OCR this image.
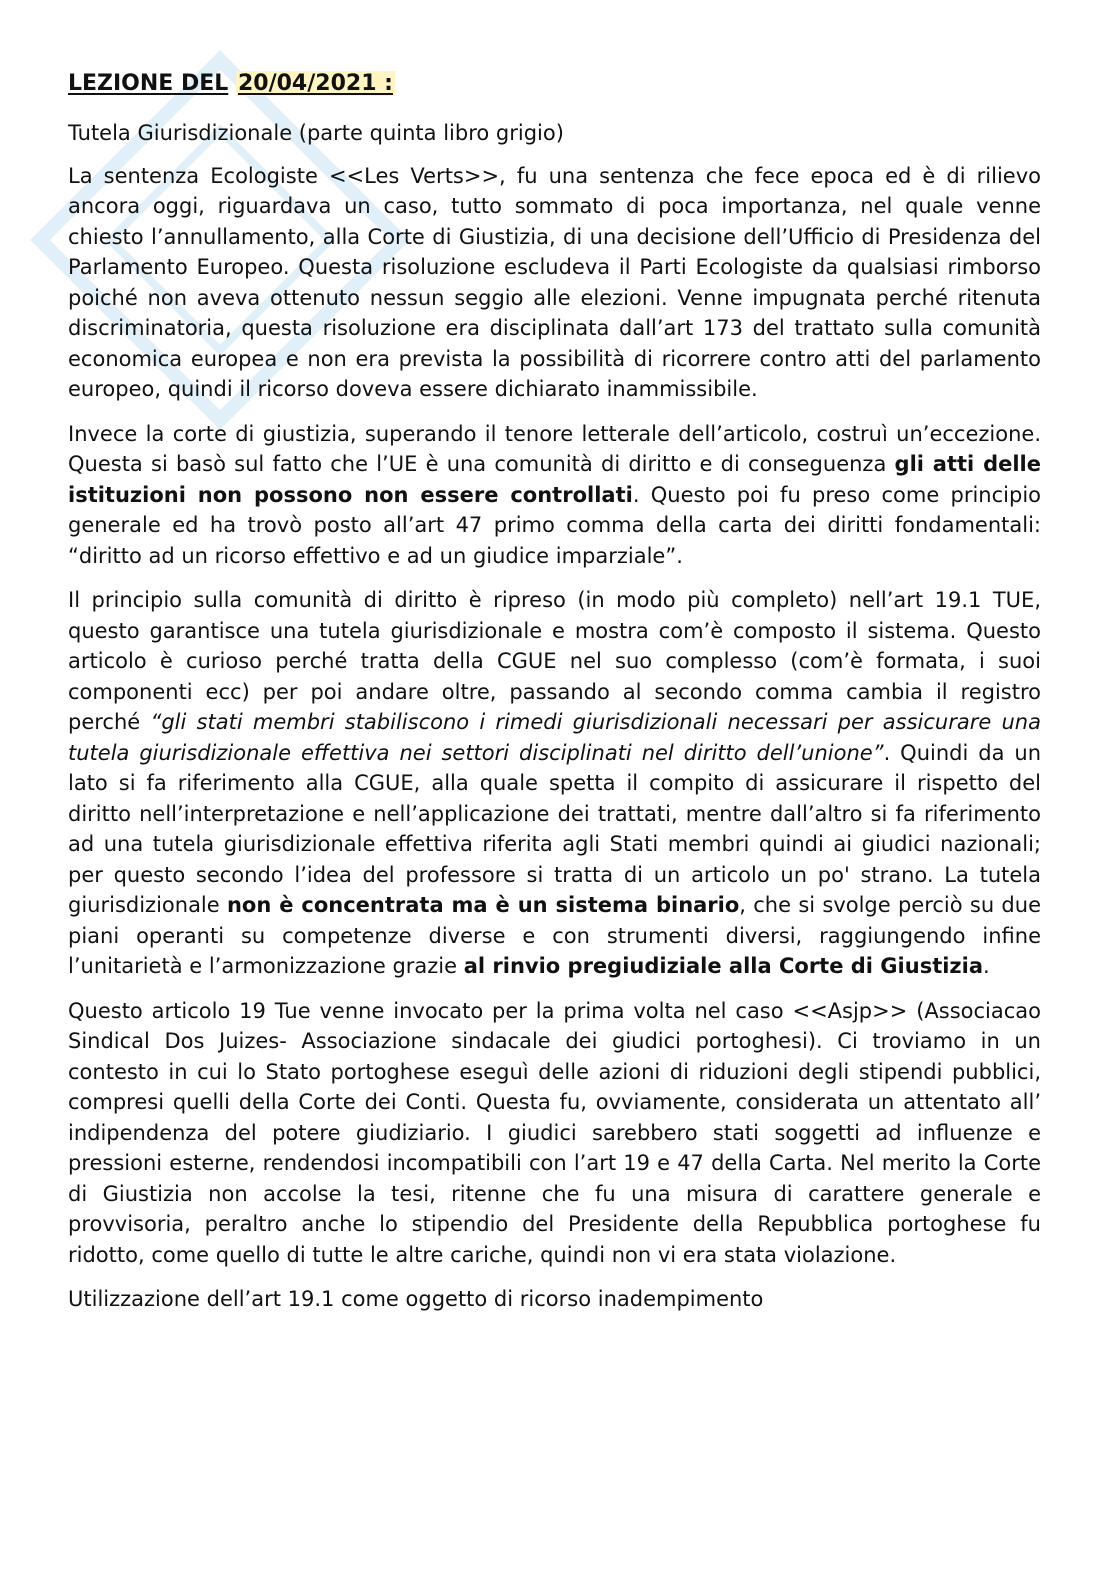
LEZIONE DEL 20/04/2021 :

Tutela Giurisdizionale (parte quinta libro grigio)

La sentenza Ecologiste <<Les Verts>>, fu una sentenza che fece epoca ed è di rilievo ancora oggi, riguardava un caso, tutto sommato di poca importanza, nel quale venne chiesto l’annullamento, alla Corte di Giustizia, di una decisione dell’Ufficio di Presidenza del Parlamento Europeo. Questa risoluzione escludeva il Parti Ecologiste da qualsiasi rimborso poiché non aveva ottenuto nessun seggio alle elezioni. Venne impugnata perché ritenuta discriminatoria, questa risoluzione era disciplinata dall’art 173 del trattato sulla comunità economica europea e non era prevista la possibilità di ricorrere contro atti del parlamento europeo, quindi il ricorso doveva essere dichiarato inammissibile.

Invece la corte di giustizia, superando il tenore letterale dell’articolo, costruì un’eccezione. Questa si basò sul fatto che l’UE è una comunità di diritto e di conseguenza gli atti delle istituzioni non possono non essere controllati. Questo poi fu preso come principio generale ed ha trovò posto all’art 47 primo comma della carta dei diritti fondamentali: “diritto ad un ricorso effettivo e ad un giudice imparziale”.

Il principio sulla comunità di diritto è ripreso (in modo più completo) nell’art 19.1 TUE, questo garantisce una tutela giurisdizionale e mostra com’è composto il sistema. Questo articolo è curioso perché tratta della CGUE nel suo complesso (com’è formata, i suoi componenti ecc) per poi andare oltre, passando al secondo comma cambia il registro perché “gli stati membri stabiliscono i rimedi giurisdizionali necessari per assicurare una tutela giurisdizionale effettiva nei settori disciplinati nel diritto dell’unione”. Quindi da un lato si fa riferimento alla CGUE, alla quale spetta il compito di assicurare il rispetto del diritto nell’interpretazione e nell’applicazione dei trattati, mentre dall’altro si fa riferimento ad una tutela giurisdizionale effettiva riferita agli Stati membri quindi ai giudici nazionali; per questo secondo l’idea del professore si tratta di un articolo un po' strano. La tutela giurisdizionale non è concentrata ma è un sistema binario, che si svolge perciò su due piani operanti su competenze diverse e con strumenti diversi, raggiungendo infine l’unitarietà e l’armonizzazione grazie al rinvio pregiudiziale alla Corte di Giustizia.

Questo articolo 19 Tue venne invocato per la prima volta nel caso <<Asjp>> (Associacao Sindical Dos Juizes- Associazione sindacale dei giudici portoghesi). Ci troviamo in un contesto in cui lo Stato portoghese eseguì delle azioni di riduzioni degli stipendi pubblici, compresi quelli della Corte dei Conti. Questa fu, ovviamente, considerata un attentato all’ indipendenza del potere giudiziario. I giudici sarebbero stati soggetti ad influenze e pressioni esterne, rendendosi incompatibili con l’art 19 e 47 della Carta. Nel merito la Corte di Giustizia non accolse la tesi, ritenne che fu una misura di carattere generale e provvisoria, peraltro anche lo stipendio del Presidente della Repubblica portoghese fu ridotto, come quello di tutte le altre cariche, quindi non vi era stata violazione.

Utilizzazione dell’art 19.1 come oggetto di ricorso inadempimento
